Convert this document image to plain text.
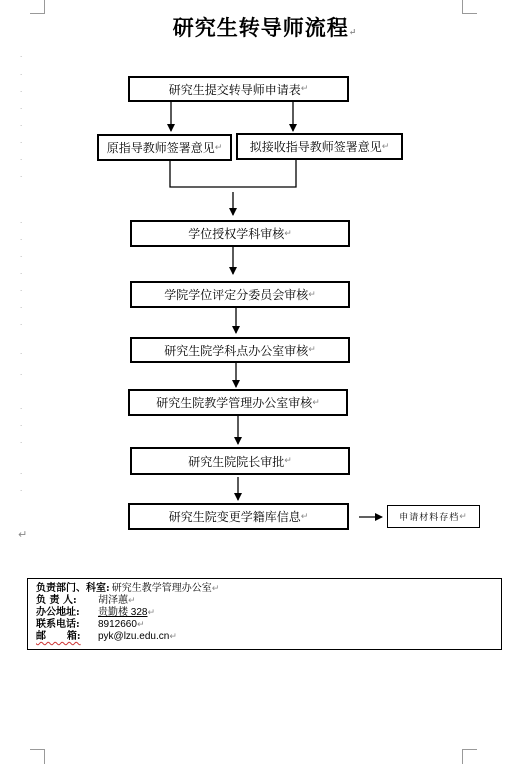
.
.
.
.
.
.
.
.
.
.
.
.
.
.
.
.
.
.
.
.
.
.
研究生转导师流程↵
研究生提交转导师申请表 ↵
原指导教师签署意见 ↵ 拟接收指导教师签署意见 ↵
学位授权学科审核 ↵
学院学位评定分委员会审核 ↵
研究生院学科点办公室审核 ↵
研究生院教学管理办公室审核 ↵
研究生院院长审批 ↵
研究生院变更学籍库信息 ↵	申请材料存档 ↵
↵
负责部门、科室: 研究生教学管理办公室 ↵
负 责 人:	胡泽蕙 ↵
办公地址:	贵勤楼 328 ↵
联系电话:	8912660 ↵
邮      箱:	pyk@lzu.edu.cn ↵
